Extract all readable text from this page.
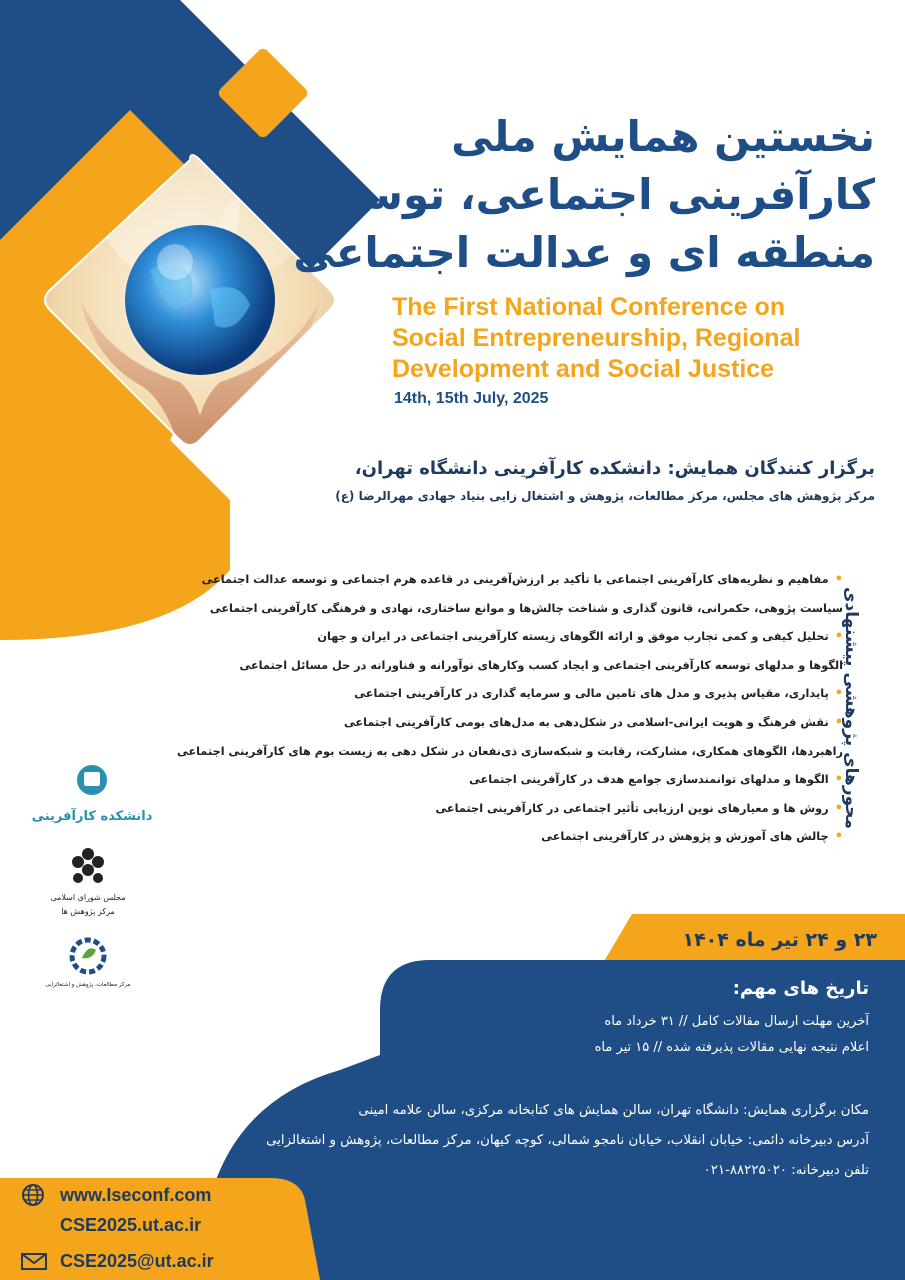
نخستین همایش ملی
کارآفرینی اجتماعی، توسعه
منطقه ای و عدالت اجتماعی
The First National Conference on
Social Entrepreneurship, Regional
Development and Social Justice
14th, 15th July, 2025
برگزار کنندگان همایش: دانشکده کارآفرینی دانشگاه تهران،
مرکز پژوهش های مجلس، مرکز مطالعات، پژوهش و اشتغال زایی بنیاد جهادی مهرالرضا (ع)
محورهای پژوهشی پیشنهادی
• مفاهیم و نظریه‌های کارآفرینی اجتماعی با تأکید بر ارزش‌آفرینی در قاعده هرم اجتماعی و توسعه عدالت اجتماعی
سیاست پژوهی، حکمرانی، قانون گذاری و شناخت چالش‌ها و موانع ساختاری، نهادی و فرهنگی کارآفرینی اجتماعی
• تحلیل کیفی و کمی تجارب موفق و ارائه الگوهای زیسته کارآفرینی اجتماعی در ایران و جهان
الگوها و مدلهای توسعه کارآفرینی اجتماعی و ایجاد کسب وکارهای نوآورانه و فناورانه در حل مسائل اجتماعی
• پایداری، مقیاس پذیری و مدل های تامین مالی و سرمایه گذاری در کارآفرینی اجتماعی
• نقش فرهنگ و هویت ایرانی-اسلامی در شکل‌دهی به مدل‌های بومی کارآفرینی اجتماعی
راهبردها، الگوهای همکاری، مشارکت، رقابت و شبکه‌سازی ذی‌نفعان در شکل دهی به زیست بوم های کارآفرینی اجتماعی
• الگوها و مدلهای توانمندسازی جوامع هدف در کارآفرینی اجتماعی
• روش ها و معیارهای نوین ارزیابی تأثیر اجتماعی در کارآفرینی اجتماعی
• چالش های آموزش و پژوهش در کارآفرینی اجتماعی
دانشکده کارآفرینی
مجلس شورای اسلامی
مرکز پژوهش ها
مرکز مطالعات، پژوهش و اشتغالزایی
۲۳ و ۲۴ تیر ماه ۱۴۰۴
تاریخ های مهم:
آخرین مهلت ارسال مقالات کامل // ۳۱ خرداد ماه
اعلام نتیجه نهایی مقالات پذیرفته شده // ۱۵ تیر ماه
مکان برگزاری همایش: دانشگاه تهران، سالن همایش های کتابخانه مرکزی، سالن علامه امینی
آدرس دبیرخانه دائمی: خیابان انقلاب، خیابان نامجو شمالی، کوچه کیهان، مرکز مطالعات، پژوهش و اشتغالزایی
تلفن دبیرخانه: ۸۸۲۲۵۰۲۰-۰۲۱
www.Iseconf.com
CSE2025.ut.ac.ir
CSE2025@ut.ac.ir
